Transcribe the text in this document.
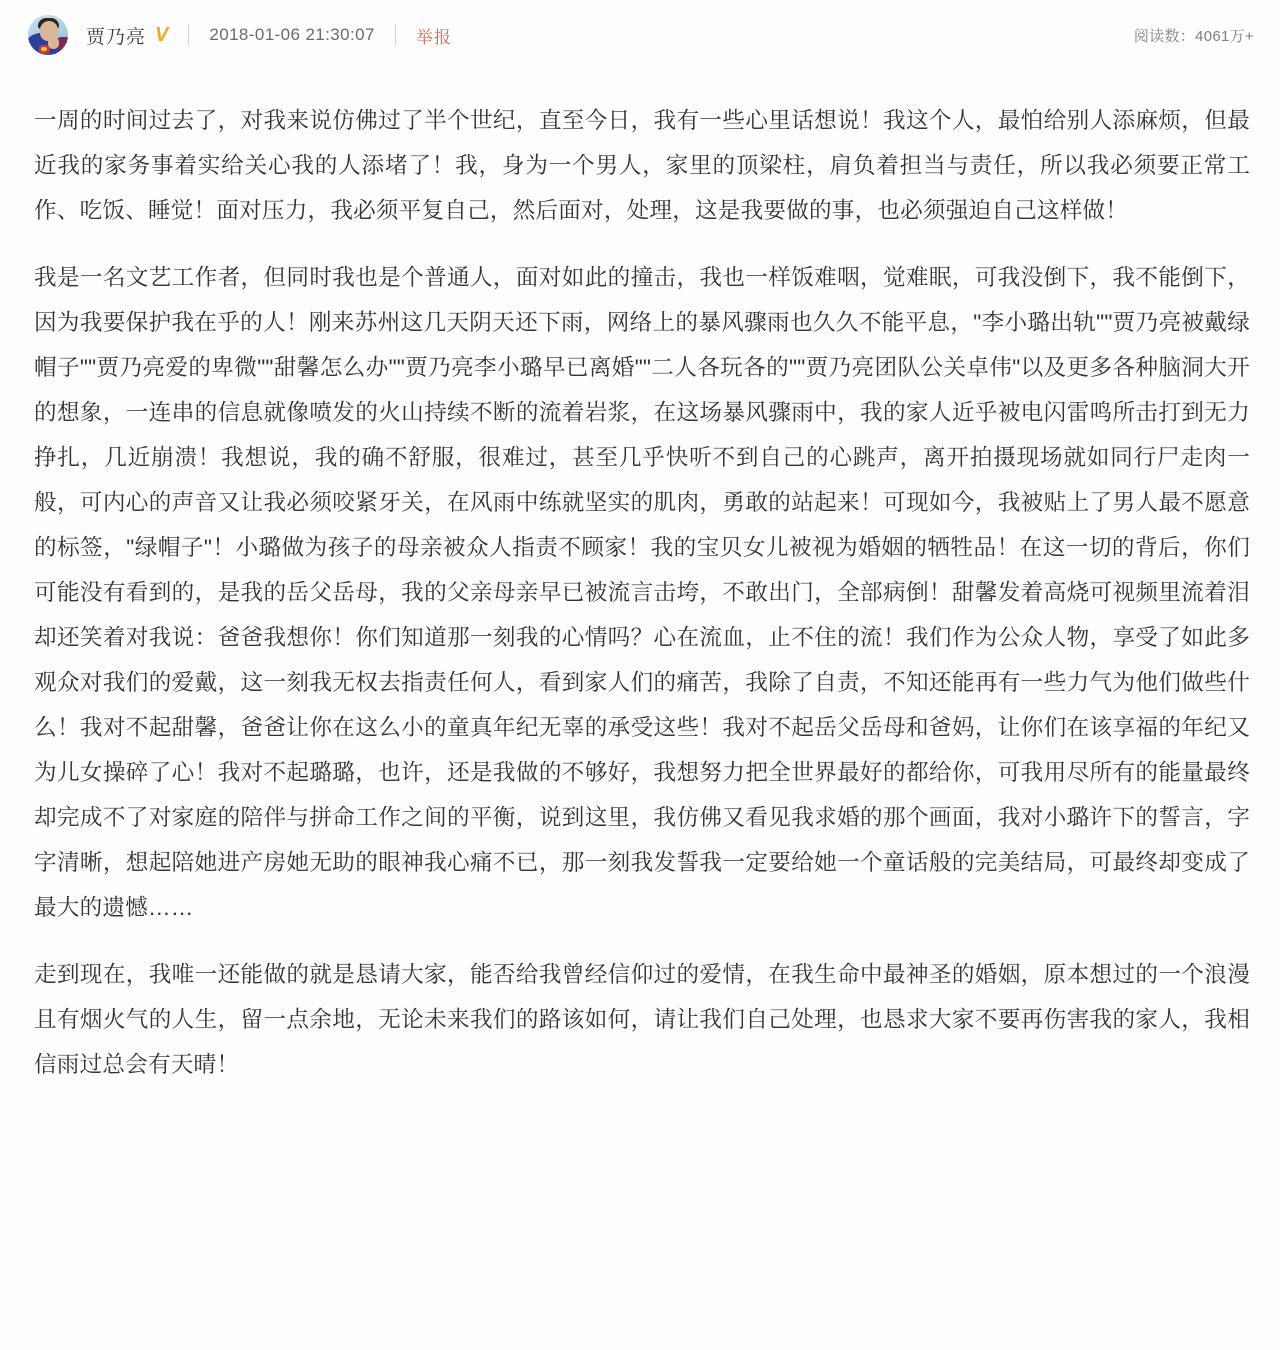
贾乃亮 V 2018-01-06 21:30:07 举报	阅读数：4061万+

一周的时间过去了，对我来说仿佛过了半个世纪，直至今日，我有一些心里话想说！我这个人，最怕给别人添麻烦，但最近我的家务事着实给关心我的人添堵了！我，身为一个男人，家里的顶梁柱，肩负着担当与责任，所以我必须要正常工作、吃饭、睡觉！面对压力，我必须平复自己，然后面对，处理，这是我要做的事，也必须强迫自己这样做！

我是一名文艺工作者，但同时我也是个普通人，面对如此的撞击，我也一样饭难咽，觉难眠，可我没倒下，我不能倒下，因为我要保护我在乎的人！刚来苏州这几天阴天还下雨，网络上的暴风骤雨也久久不能平息，"李小璐出轨""贾乃亮被戴绿帽子""贾乃亮爱的卑微""甜馨怎么办""贾乃亮李小璐早已离婚""二人各玩各的""贾乃亮团队公关卓伟"以及更多各种脑洞大开的想象，一连串的信息就像喷发的火山持续不断的流着岩浆，在这场暴风骤雨中，我的家人近乎被电闪雷鸣所击打到无力挣扎，几近崩溃！我想说，我的确不舒服，很难过，甚至几乎快听不到自己的心跳声，离开拍摄现场就如同行尸走肉一般，可内心的声音又让我必须咬紧牙关，在风雨中练就坚实的肌肉，勇敢的站起来！可现如今，我被贴上了男人最不愿意的标签，"绿帽子"！小璐做为孩子的母亲被众人指责不顾家！我的宝贝女儿被视为婚姻的牺牲品！在这一切的背后，你们可能没有看到的，是我的岳父岳母，我的父亲母亲早已被流言击垮，不敢出门，全部病倒！甜馨发着高烧可视频里流着泪却还笑着对我说：爸爸我想你！你们知道那一刻我的心情吗？心在流血，止不住的流！我们作为公众人物，享受了如此多观众对我们的爱戴，这一刻我无权去指责任何人，看到家人们的痛苦，我除了自责，不知还能再有一些力气为他们做些什么！我对不起甜馨，爸爸让你在这么小的童真年纪无辜的承受这些！我对不起岳父岳母和爸妈，让你们在该享福的年纪又为儿女操碎了心！我对不起璐璐，也许，还是我做的不够好，我想努力把全世界最好的都给你，可我用尽所有的能量最终却完成不了对家庭的陪伴与拼命工作之间的平衡，说到这里，我仿佛又看见我求婚的那个画面，我对小璐许下的誓言，字字清晰，想起陪她进产房她无助的眼神我心痛不已，那一刻我发誓我一定要给她一个童话般的完美结局，可最终却变成了最大的遗憾……

走到现在，我唯一还能做的就是恳请大家，能否给我曾经信仰过的爱情，在我生命中最神圣的婚姻，原本想过的一个浪漫且有烟火气的人生，留一点余地，无论未来我们的路该如何，请让我们自己处理，也恳求大家不要再伤害我的家人，我相信雨过总会有天晴！
